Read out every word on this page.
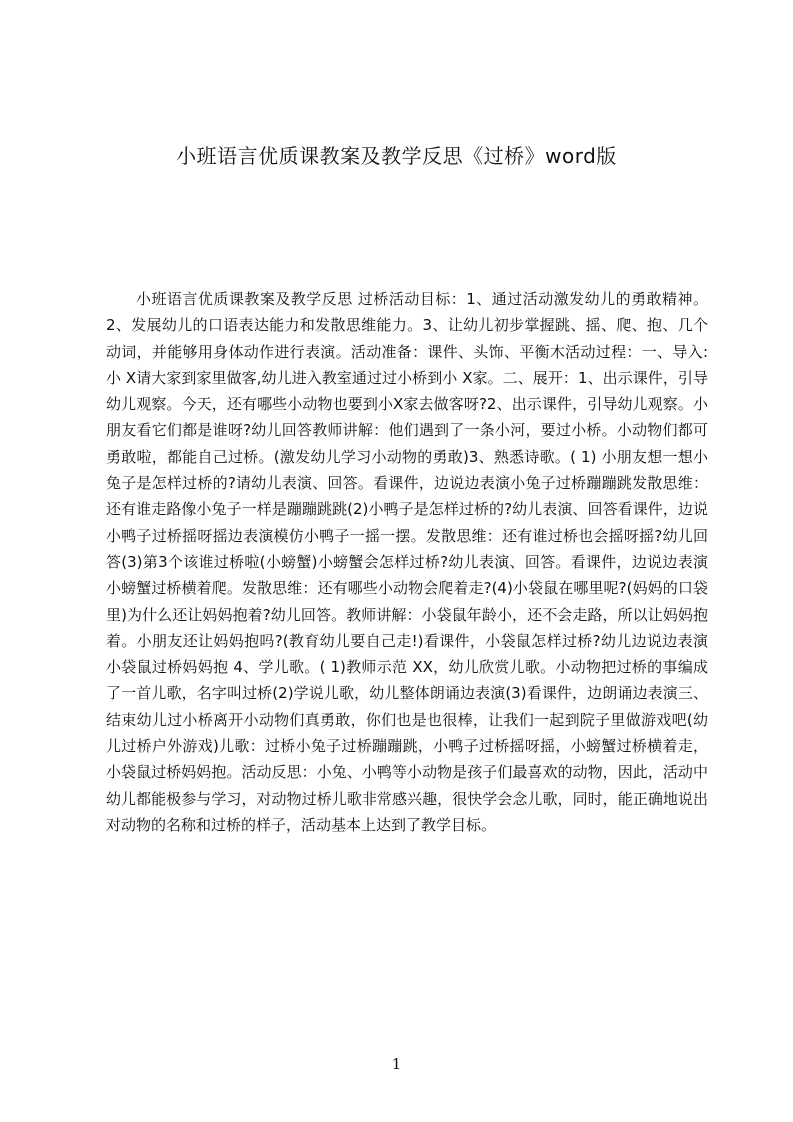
小班语言优质课教案及教学反思《过桥》word版

小班语言优质课教案及教学反思 过桥活动目标：1、通过活动激发幼儿的勇敢精神。2、发展幼儿的口语表达能力和发散思维能力。3、让幼儿初步掌握跳、摇、爬、抱、几个动词，并能够用身体动作进行表演。活动准备：课件、头饰、平衡木活动过程：一、导入:小 X请大家到家里做客,幼儿进入教室通过过小桥到小 X家。二、展开：1、出示课件，引导幼儿观察。今天，还有哪些小动物也要到小X家去做客呀?2、出示课件，引导幼儿观察。小朋友看它们都是谁呀?幼儿回答教师讲解：他们遇到了一条小河，要过小桥。小动物们都可勇敢啦，都能自己过桥。(激发幼儿学习小动物的勇敢)3、熟悉诗歌。( 1) 小朋友想一想小兔子是怎样过桥的?请幼儿表演、回答。看课件，边说边表演小兔子过桥蹦蹦跳发散思维：还有谁走路像小兔子一样是蹦蹦跳跳(2)小鸭子是怎样过桥的?幼儿表演、回答看课件，边说小鸭子过桥摇呀摇边表演模仿小鸭子一摇一摆。发散思维：还有谁过桥也会摇呀摇?幼儿回答(3)第3个该谁过桥啦(小螃蟹)小螃蟹会怎样过桥?幼儿表演、回答。看课件，边说边表演小螃蟹过桥横着爬。发散思维：还有哪些小动物会爬着走?(4)小袋鼠在哪里呢?(妈妈的口袋里)为什么还让妈妈抱着?幼儿回答。教师讲解：小袋鼠年龄小，还不会走路，所以让妈妈抱着。小朋友还让妈妈抱吗?(教育幼儿要自己走!)看课件，小袋鼠怎样过桥?幼儿边说边表演小袋鼠过桥妈妈抱 4、学儿歌。( 1)教师示范 XX，幼儿欣赏儿歌。小动物把过桥的事编成了一首儿歌，名字叫过桥(2)学说儿歌，幼儿整体朗诵边表演(3)看课件，边朗诵边表演三、结束幼儿过小桥离开小动物们真勇敢，你们也是也很棒，让我们一起到院子里做游戏吧(幼儿过桥户外游戏)儿歌：过桥小兔子过桥蹦蹦跳，小鸭子过桥摇呀摇，小螃蟹过桥横着走，小袋鼠过桥妈妈抱。活动反思：小兔、小鸭等小动物是孩子们最喜欢的动物，因此，活动中幼儿都能极参与学习，对动物过桥儿歌非常感兴趣，很快学会念儿歌，同时，能正确地说出对动物的名称和过桥的样子，活动基本上达到了教学目标。

1
